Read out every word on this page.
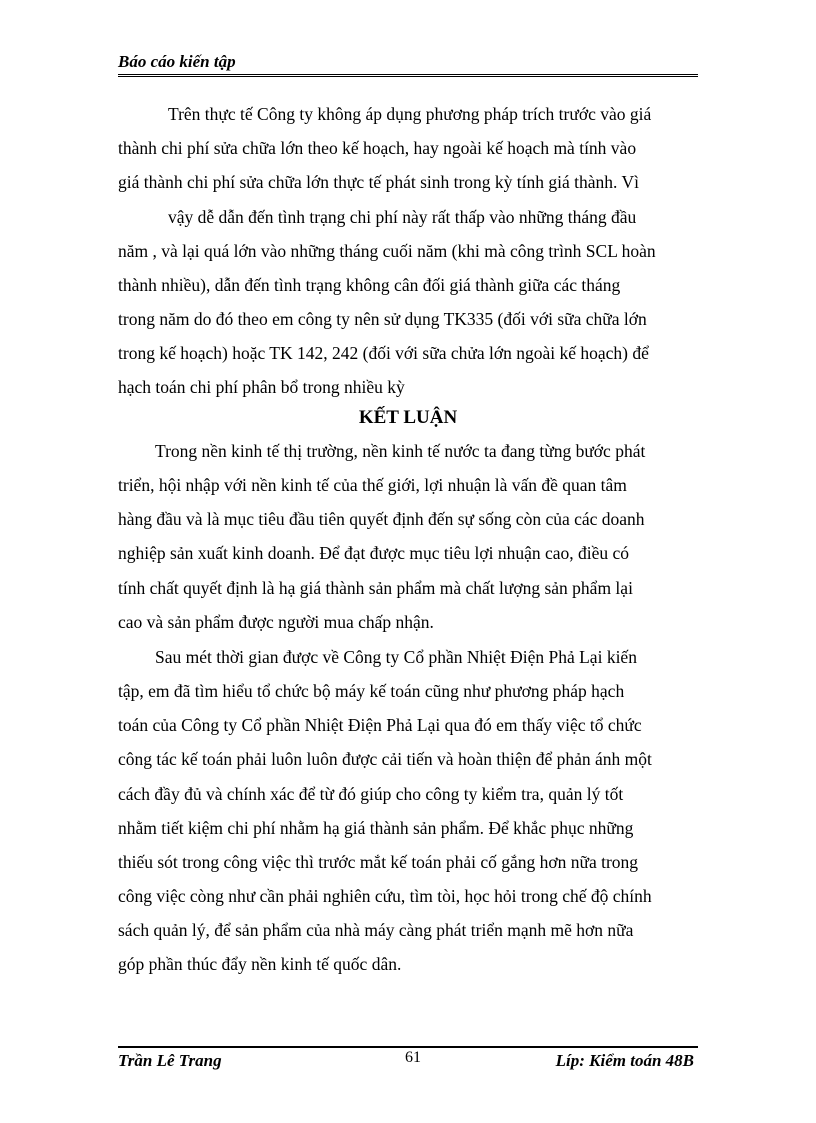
Báo cáo kiến tập
Trên thực tế Công ty không áp dụng phương pháp trích trước vào giá
thành chi phí sửa chữa lớn theo kế hoạch, hay ngoài kế hoạch mà tính vào
giá thành chi phí sửa chữa lớn thực tế phát sinh trong kỳ tính giá thành. Vì
vậy dễ dẫn đến tình trạng chi phí này rất thấp vào những tháng đầu
năm , và lại quá lớn vào những tháng cuối năm (khi mà công trình SCL hoàn
thành nhiều), dẫn đến tình trạng không cân đối giá thành giữa các tháng
trong năm do đó theo em công ty nên sử dụng TK335 (đối với sữa chữa lớn
trong kế hoạch) hoặc TK 142, 242 (đối với sữa chửa lớn ngoài kế hoạch) để
hạch toán chi phí phân bổ trong nhiều kỳ
KẾT LUẬN
Trong nền kinh tế thị trường, nền kinh tế nước ta đang từng bước phát
triển, hội nhập với nền kinh tế của thế giới, lợi nhuận là vấn đề quan tâm
hàng đầu và là mục tiêu đầu tiên quyết định đến sự sống còn của các doanh
nghiệp sản xuất kinh doanh. Để đạt được mục tiêu lợi nhuận cao, điều có
tính chất quyết định là hạ giá thành sản phẩm mà chất lượng sản phẩm lại
cao và sản phẩm được người mua chấp nhận.
Sau mét thời gian được về Công ty Cổ phần Nhiệt Điện Phả Lại kiến
tập, em đã tìm hiểu tổ chức bộ máy kế toán cũng như phương pháp hạch
toán của Công ty Cổ phần Nhiệt Điện Phả Lại qua đó em thấy việc tổ chức
công tác kế toán phải luôn luôn được cải tiến và hoàn thiện để phản ánh một
cách đầy đủ và chính xác để từ đó giúp cho công ty kiểm tra, quản lý tốt
nhằm tiết kiệm chi phí nhằm hạ giá thành sản phẩm. Để khắc phục những
thiếu sót trong công việc thì trước mắt kế toán phải cố gắng hơn nữa trong
công việc còng như cần phải nghiên cứu, tìm tòi, học hỏi trong chế độ chính
sách quản lý, để sản phẩm của nhà máy càng phát triển mạnh mẽ hơn nữa
góp phần thúc đẩy nền kinh tế quốc dân.
Trần Lê Trang	61	Líp: Kiểm toán 48B
